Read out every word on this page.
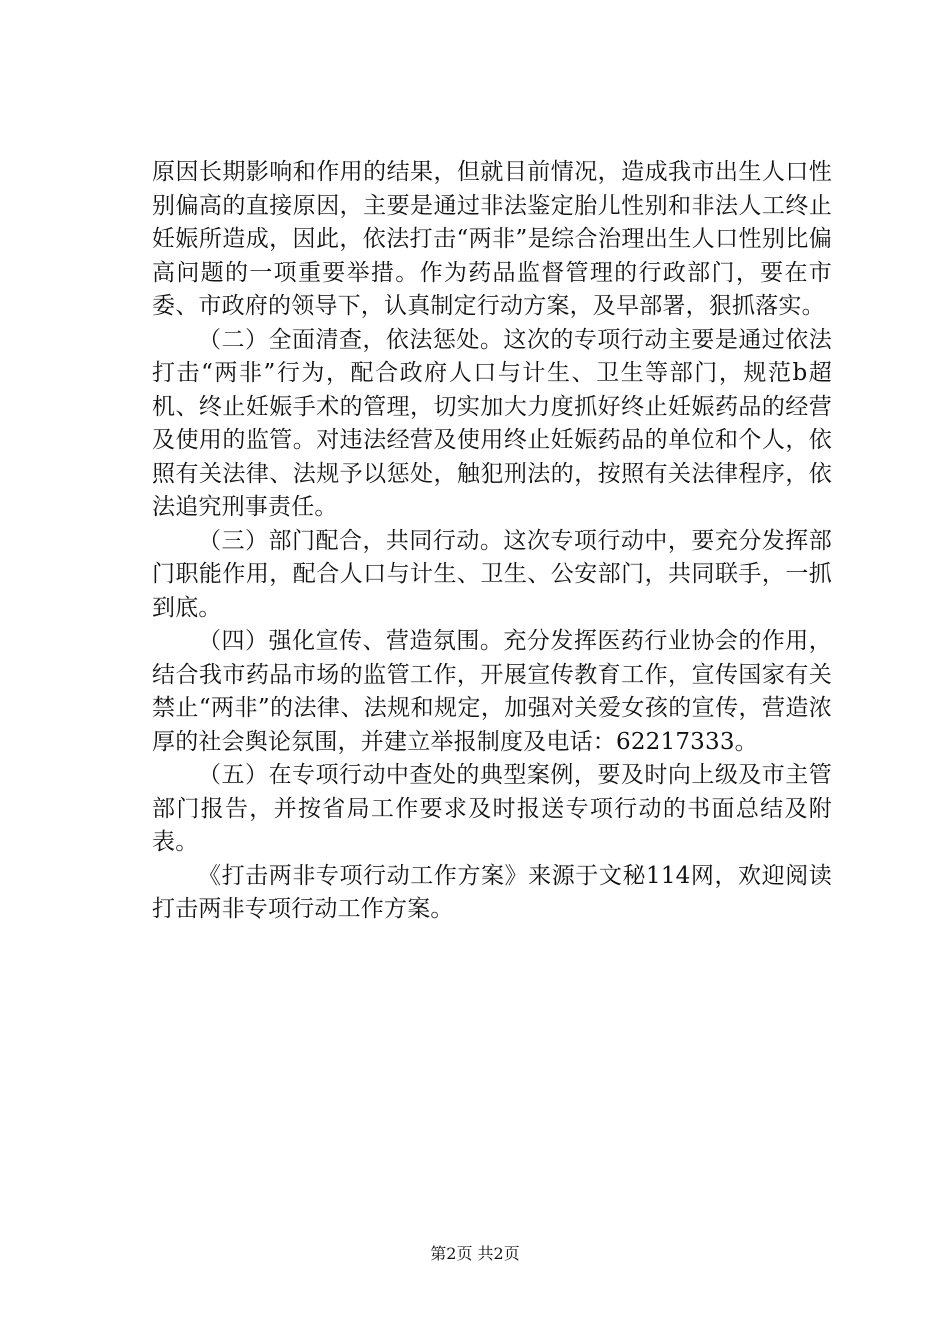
原因长期影响和作用的结果，但就目前情况，造成我市出生人口性别偏高的直接原因，主要是通过非法鉴定胎儿性别和非法人工终止妊娠所造成，因此，依法打击“两非”是综合治理出生人口性别比偏高问题的一项重要举措。作为药品监督管理的行政部门，要在市委、市政府的领导下，认真制定行动方案，及早部署，狠抓落实。

（二）全面清查，依法惩处。这次的专项行动主要是通过依法打击“两非”行为，配合政府人口与计生、卫生等部门，规范b超机、终止妊娠手术的管理，切实加大力度抓好终止妊娠药品的经营及使用的监管。对违法经营及使用终止妊娠药品的单位和个人，依照有关法律、法规予以惩处，触犯刑法的，按照有关法律程序，依法追究刑事责任。

（三）部门配合，共同行动。这次专项行动中，要充分发挥部门职能作用，配合人口与计生、卫生、公安部门，共同联手，一抓到底。

（四）强化宣传、营造氛围。充分发挥医药行业协会的作用，结合我市药品市场的监管工作，开展宣传教育工作，宣传国家有关禁止“两非”的法律、法规和规定，加强对关爱女孩的宣传，营造浓厚的社会舆论氛围，并建立举报制度及电话：62217333。

（五）在专项行动中查处的典型案例，要及时向上级及市主管部门报告，并按省局工作要求及时报送专项行动的书面总结及附表。

《打击两非专项行动工作方案》来源于文秘114网，欢迎阅读打击两非专项行动工作方案。

第2页 共2页
